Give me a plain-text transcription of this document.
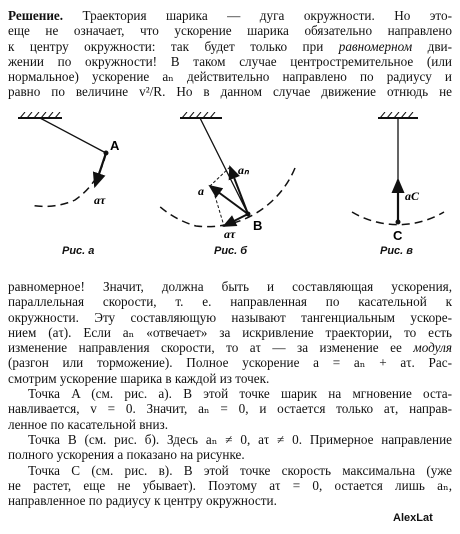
Решение. Траектория шарика — дуга окружности. Но это-
еще не означает, что ускорение шарика обязательно направлено
к центру окружности: так будет только при равномерном дви-
жении по окружности! В таком случае центростремительное (или
нормальное) ускорение aₙ действительно направлено по радиусу и
равно по величине v²/R. Но в данном случае движение отнюдь не
A
aτ
B
aₙ
a
aτ
aC
C
Рис. а	Рис. б	Рис. в
равномерное! Значит, должна быть и составляющая ускорения,
параллельная скорости, т. е. направленная по касательной к
окружности. Эту составляющую называют тангенциальным ускоре-
нием (aτ). Если aₙ «отвечает» за искривление траектории, то есть
изменение направления скорости, то aτ — за изменение ее модуля
(разгон или торможение). Полное ускорение a = aₙ + aτ. Рас-
смотрим ускорение шарика в каждой из точек.
Точка A (см. рис. а). В этой точке шарик на мгновение оста-
навливается, v = 0. Значит, aₙ = 0, и остается только aτ, направ-
ленное по касательной вниз.
Точка B (см. рис. б). Здесь aₙ ≠ 0, aτ ≠ 0. Примерное направление
полного ускорения a показано на рисунке.
Точка C (см. рис. в). В этой точке скорость максимальна (уже
не растет, еще не убывает). Поэтому aτ = 0, остается лишь aₙ,
направленное по радиусу к центру окружности.
AlexLat
